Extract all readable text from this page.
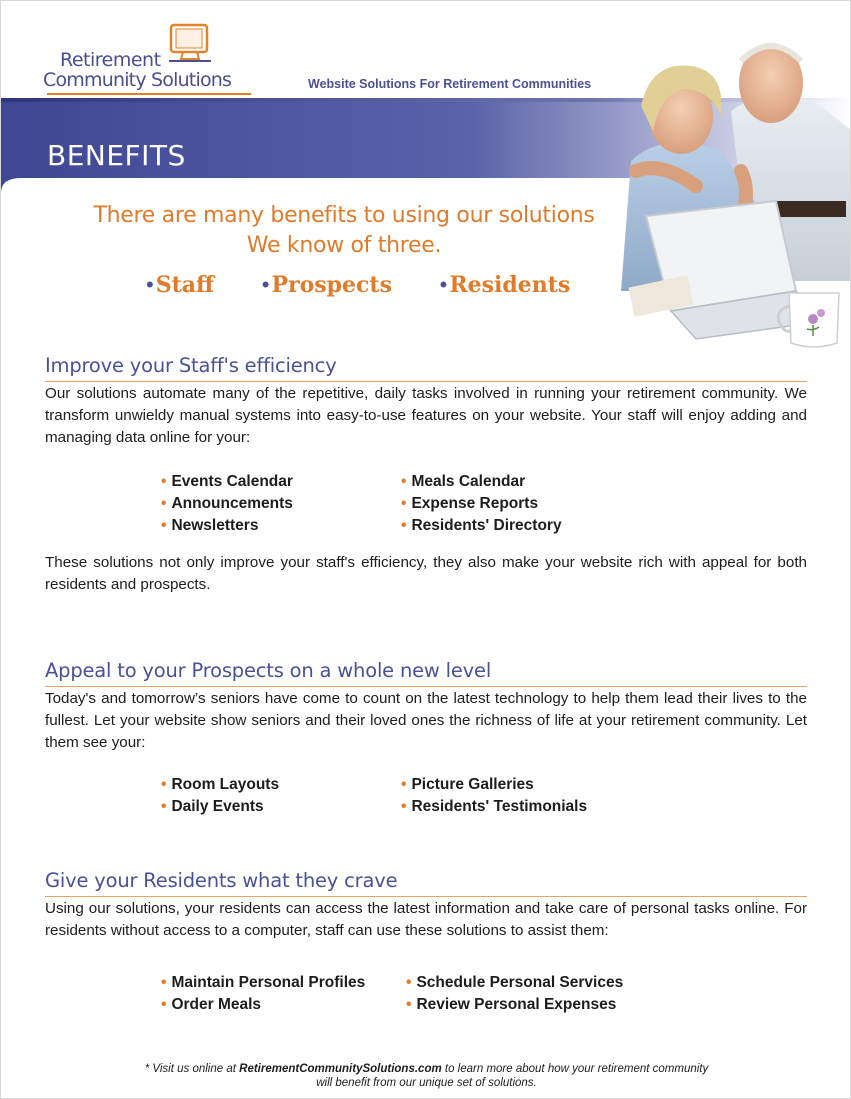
Retirement
Community Solutions	Website Solutions For Retirement Communities
BENEFITS
There are many benefits to using our solutions
We know of three.
•Staff •Prospects •Residents
Improve your Staff's efficiency
Our solutions automate many of the repetitive, daily tasks involved in running your retirement community. We transform unwieldy manual systems into easy-to-use features on your website. Your staff will enjoy adding and managing data online for your:
• Events Calendar
• Announcements
• Newsletters
• Meals Calendar
• Expense Reports
• Residents' Directory
These solutions not only improve your staff's efficiency, they also make your website rich with appeal for both residents and prospects.
Appeal to your Prospects on a whole new level
Today's and tomorrow’s seniors have come to count on the latest technology to help them lead their lives to the fullest. Let your website show seniors and their loved ones the richness of life at your retirement community. Let them see your:
• Room Layouts
• Daily Events
• Picture Galleries
• Residents' Testimonials
Give your Residents what they crave
Using our solutions, your residents can access the latest information and take care of personal tasks online. For residents without access to a computer, staff can use these solutions to assist them:
• Maintain Personal Profiles
• Order Meals
• Schedule Personal Services
• Review Personal Expenses
* Visit us online at RetirementCommunitySolutions.com to learn more about how your retirement community
will benefit from our unique set of solutions.
